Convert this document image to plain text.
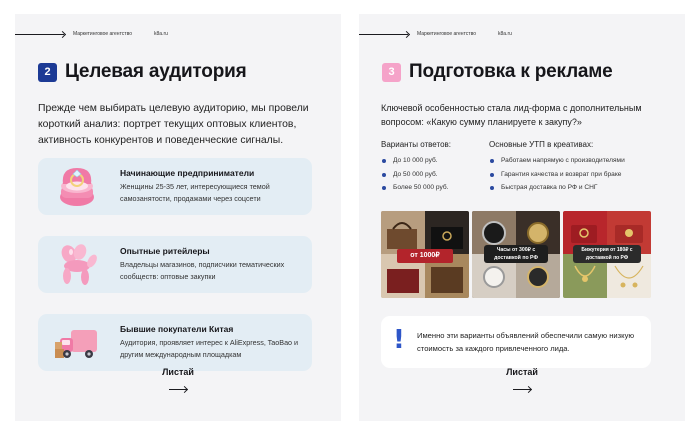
Маркетинговое агентство	k8a.ru
2 Целевая аудитория

Прежде чем выбирать целевую аудиторию, мы провели короткий анализ: портрет текущих оптовых клиентов, активность конкурентов и поведенческие сигналы.

Начинающие предприниматели
Женщины 25-35 лет, интересующиеся темой самозанятости, продажами через соцсети
Опытные ритейлеры
Владельцы магазинов, подписчики тематических сообществ: оптовые закупки
Бывшие покупатели Китая
Аудитория, проявляет интерес к AliExpress, TaoBao и другим международным площадкам
Листай
Маркетинговое агентство	k8a.ru
3 Подготовка к рекламе

Ключевой особенностью стала лид-форма с дополнительным вопросом: «Какую сумму планируете к закупу?»

Варианты ответов:
До 10 000 руб.
До 50 000 руб.
Более 50 000 руб.
Основные УТП в креативах:
Работаем напрямую с производителями
Гарантия качества и возврат при браке
Быстрая доставка по РФ и СНГ
от 1000₽
Часы от 300₽ с доставкой по РФ
Бижутерия от 180₽ с доставкой по РФ
! Именно эти варианты объявлений обеспечили самую низкую стоимость за каждого привлеченного лида.

Листай
